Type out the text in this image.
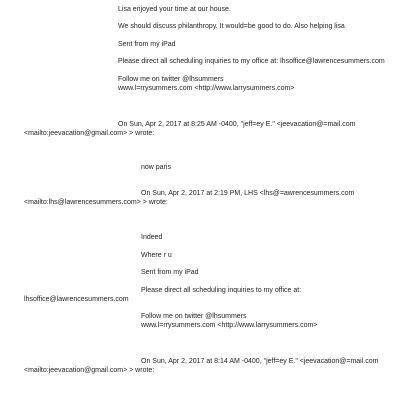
Lisa enjoyed your time at our house.
We should discuss philanthropy. It would=be good to do. Also helping lisa
Sent from my iPad
Please direct all scheduling inquiries to my office at: lhsoffice@lawrencesummers.com
Follow me on twitter @lhsummers
www.l=rrysummers.com <http://www.larrysummers.com>
On Sun, Apr 2, 2017 at 8:25 AM -0400, "jeff=ey E." <jeevacation@=mail.com
<mailto:jeevacation@gmail.com> > wrote:
now paris
On Sun, Apr 2, 2017 at 2:19 PM, LHS <lhs@=awrencesummers.com
<mailto:lhs@lawrencesummers.com> > wrote:
Indeed
Where r u
Sent from my iPad
Please direct all scheduling inquiries to my office at:
lhsoffice@lawrencesummers.com
Follow me on twitter @lhsummers
www.l=rrysummers.com <http://www.larrysummers.com>
On Sun, Apr 2, 2017 at 8:14 AM -0400, "jeff=ey E." <jeevacation@=mail.com
<mailto:jeevacation@gmail.com> > wrote:
